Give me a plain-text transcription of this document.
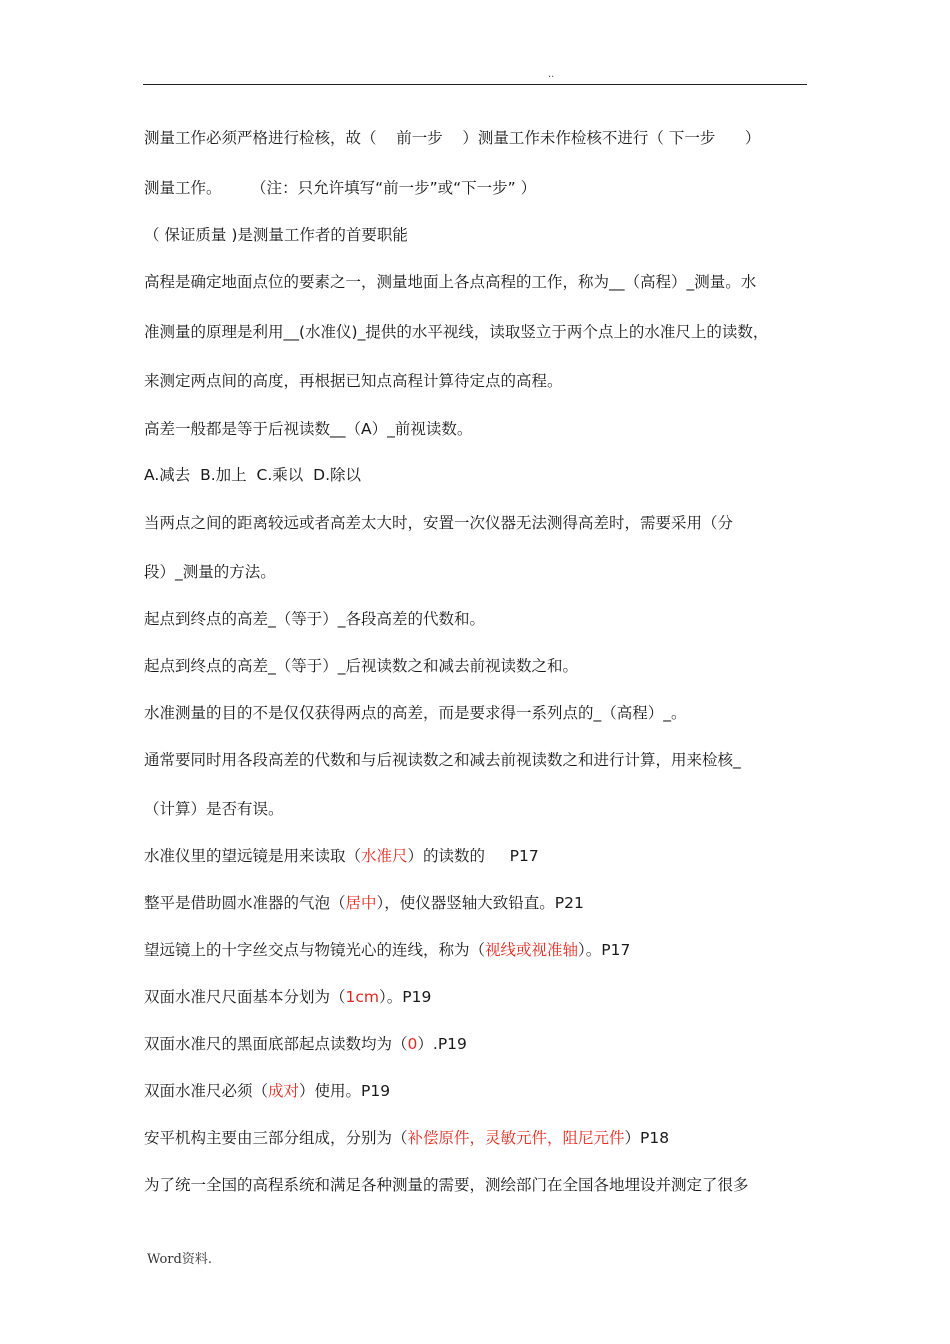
..
测量工作必须严格进行检核，故（    前一步    ）测量工作未作检核不进行（ 下一步      ）
测量工作。      （注：只允许填写“前一步”或“下一步” ）
（ 保证质量 )是测量工作者的首要职能
高程是确定地面点位的要素之一，测量地面上各点高程的工作，称为__（高程）_测量。水
准测量的原理是利用__(水准仪)_提供的水平视线，读取竖立于两个点上的水准尺上的读数，
来测定两点间的高度，再根据已知点高程计算待定点的高程。
高差一般都是等于后视读数__（A）_前视读数。
A.减去  B.加上  C.乘以  D.除以
当两点之间的距离较远或者高差太大时，安置一次仪器无法测得高差时，需要采用（分
段）_测量的方法。
起点到终点的高差_（等于）_各段高差的代数和。
起点到终点的高差_（等于）_后视读数之和减去前视读数之和。
水准测量的目的不是仅仅获得两点的高差，而是要求得一系列点的_（高程）_。
通常要同时用各段高差的代数和与后视读数之和减去前视读数之和进行计算，用来检核_
（计算）是否有误。
水准仪里的望远镜是用来读取（水准尺）的读数的     P17
整平是借助圆水准器的气泡（居中），使仪器竖轴大致铅直。P21
望远镜上的十字丝交点与物镜光心的连线，称为（视线或视准轴）。P17
双面水准尺尺面基本分划为（1cm）。P19
双面水准尺的黑面底部起点读数均为（0）.P19
双面水准尺必须（成对）使用。P19
安平机构主要由三部分组成，分别为（补偿原件，灵敏元件，阻尼元件）P18
为了统一全国的高程系统和满足各种测量的需要，测绘部门在全国各地埋设并测定了很多
Word资料.
